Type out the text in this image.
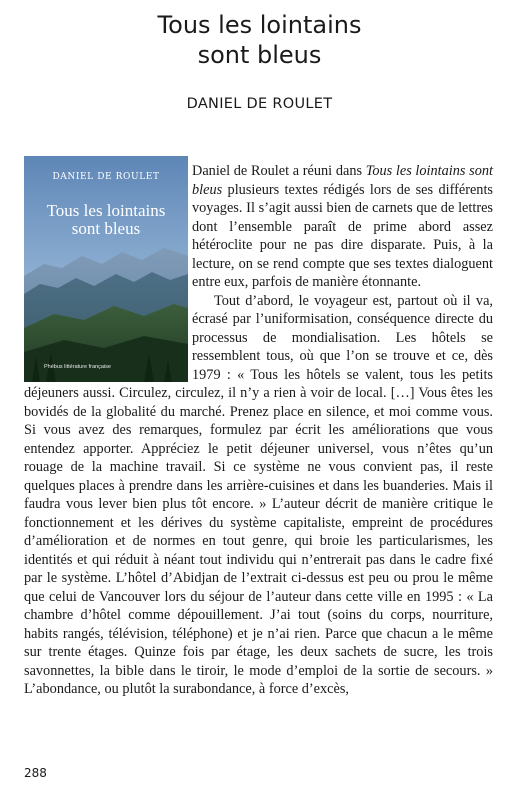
Tous les lointains
sont bleus
DANIEL DE ROULET
DANIEL DE ROULET
Tous les lointains
sont bleus
Phébus littérature française

Daniel de Roulet a réuni dans Tous les lointains sont bleus plusieurs textes rédigés lors de ses différents voyages. Il s’agit aussi bien de carnets que de lettres dont l’ensemble paraît de prime abord assez hétéroclite pour ne pas dire disparate. Puis, à la lecture, on se rend compte que ses textes dialoguent entre eux, parfois de manière étonnante.

Tout d’abord, le voyageur est, partout où il va, écrasé par l’uniformisation, conséquence directe du processus de mondialisation. Les hôtels se ressemblent tous, où que l’on se trouve et ce, dès 1979 : « Tous les hôtels se valent, tous les petits déjeuners aussi. Circulez, circulez, il n’y a rien à voir de local. […] Vous êtes les bovidés de la globalité du marché. Prenez place en silence, et moi comme vous. Si vous avez des remarques, formulez par écrit les améliorations que vous entendez apporter. Appréciez le petit déjeuner universel, vous n’êtes qu’un rouage de la machine travail. Si ce système ne vous convient pas, il reste quelques places à prendre dans les arrière-cuisines et dans les buanderies. Mais il faudra vous lever bien plus tôt encore. » L’auteur décrit de manière critique le fonctionnement et les dérives du système capitaliste, empreint de procédures d’amélioration et de normes en tout genre, qui broie les particularismes, les identités et qui réduit à néant tout individu qui n’entrerait pas dans le cadre fixé par le système. L’hôtel d’Abidjan de l’extrait ci-dessus est peu ou prou le même que celui de Vancouver lors du séjour de l’auteur dans cette ville en 1995 : « La chambre d’hôtel comme dépouillement. J’ai tout (soins du corps, nourriture, habits rangés, télévision, téléphone) et je n’ai rien. Parce que chacun a le même sur trente étages. Quinze fois par étage, les deux sachets de sucre, les trois savonnettes, la bible dans le tiroir, le mode d’emploi de la sortie de secours. » L’abondance, ou plutôt la surabondance, à force d’excès,

288
